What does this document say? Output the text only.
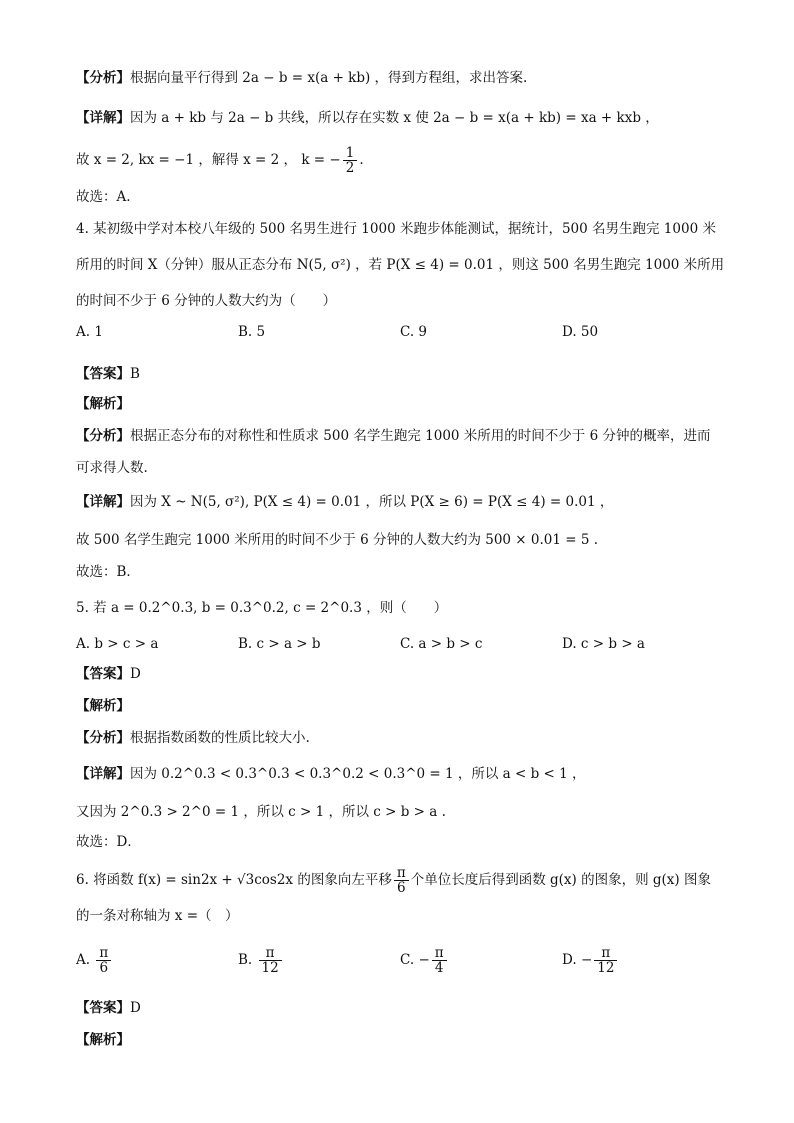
【分析】根据向量平行得到 2a − b = x(a + kb) ，得到方程组，求出答案.
【详解】因为 a + kb 与 2a − b 共线，所以存在实数 x 使 2a − b = x(a + kb) = xa + kxb ，
故 x = 2, kx = −1 ，解得 x = 2 ， k = − $\frac{1}{2}$ .
故选：A.
4. 某初级中学对本校八年级的 500 名男生进行 1000 米跑步体能测试，据统计，500 名男生跑完 1000 米
所用的时间 X（分钟）服从正态分布 N(5, σ²) ，若 P(X ≤ 4) = 0.01 ，则这 500 名男生跑完 1000 米所用
的时间不少于 6 分钟的人数大约为（　　）
A. 1	B. 5	C. 9	D. 50
【答案】B
【解析】
【分析】根据正态分布的对称性和性质求 500 名学生跑完 1000 米所用的时间不少于 6 分钟的概率，进而
可求得人数.
【详解】因为 X ~ N(5, σ²), P(X ≤ 4) = 0.01 ，所以 P(X ≥ 6) = P(X ≤ 4) = 0.01 ，
故 500 名学生跑完 1000 米所用的时间不少于 6 分钟的人数大约为 500 × 0.01 = 5 .
故选：B．
5. 若 a = 0.2^0.3, b = 0.3^0.2, c = 2^0.3 ，则（　　）
A. b > c > a	B. c > a > b	C. a > b > c	D. c > b > a
【答案】D
【解析】
【分析】根据指数函数的性质比较大小.
【详解】因为 0.2^0.3 < 0.3^0.3 < 0.3^0.2 < 0.3^0 = 1 ，所以 a < b < 1 ，
又因为 2^0.3 > 2^0 = 1 ，所以 c > 1 ，所以 c > b > a .
故选：D．
6. 将函数 f(x) = sin2x + √3cos2x 的图象向左平移 $\frac{\pi}{6}$ 个单位长度后得到函数 g(x) 的图象，则 g(x) 图象
的一条对称轴为 x =（　）
A. $\frac{\pi}{6}$	B. $\frac{\pi}{12}$	C. − $\frac{\pi}{4}$	D. − $\frac{\pi}{12}$
【答案】D
【解析】
